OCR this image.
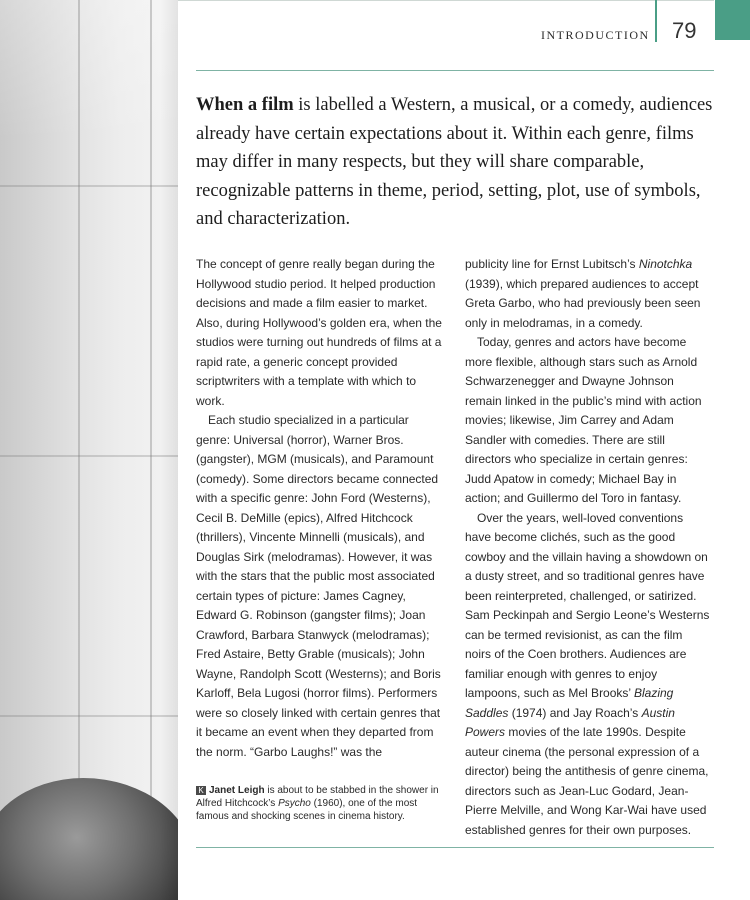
INTRODUCTION 79

When a film is labelled a Western, a musical, or a comedy, audiences already have certain expectations about it. Within each genre, films may differ in many respects, but they will share comparable, recognizable patterns in theme, period, setting, plot, use of symbols, and characterization.

The concept of genre really began during the Hollywood studio period. It helped production decisions and made a film easier to market. Also, during Hollywood’s golden era, when the studios were turning out hundreds of films at a rapid rate, a generic concept provided scriptwriters with a template with which to work.

Each studio specialized in a particular genre: Universal (horror), Warner Bros. (gangster), MGM (musicals), and Paramount (comedy). Some directors became connected with a specific genre: John Ford (Westerns), Cecil B. DeMille (epics), Alfred Hitchcock (thrillers), Vincente Minnelli (musicals), and Douglas Sirk (melodramas). However, it was with the stars that the public most associated certain types of picture: James Cagney, Edward G. Robinson (gangster films); Joan Crawford, Barbara Stanwyck (melodramas); Fred Astaire, Betty Grable (musicals); John Wayne, Randolph Scott (Westerns); and Boris Karloff, Bela Lugosi (horror films). Performers were so closely linked with certain genres that it became an event when they departed from the norm. “Garbo Laughs!” was the

K Janet Leigh is about to be stabbed in the shower in Alfred Hitchcock’s Psycho (1960), one of the most famous and shocking scenes in cinema history.

publicity line for Ernst Lubitsch’s Ninotchka (1939), which prepared audiences to accept Greta Garbo, who had previously been seen only in melodramas, in a comedy.

Today, genres and actors have become more flexible, although stars such as Arnold Schwarzenegger and Dwayne Johnson remain linked in the public’s mind with action movies; likewise, Jim Carrey and Adam Sandler with comedies. There are still directors who specialize in certain genres: Judd Apatow in comedy; Michael Bay in action; and Guillermo del Toro in fantasy.

Over the years, well-loved conventions have become clichés, such as the good cowboy and the villain having a showdown on a dusty street, and so traditional genres have been reinterpreted, challenged, or satirized. Sam Peckinpah and Sergio Leone’s Westerns can be termed revisionist, as can the film noirs of the Coen brothers. Audiences are familiar enough with genres to enjoy lampoons, such as Mel Brooks’ Blazing Saddles (1974) and Jay Roach’s Austin Powers movies of the late 1990s. Despite auteur cinema (the personal expression of a director) being the antithesis of genre cinema, directors such as Jean-Luc Godard, Jean-Pierre Melville, and Wong Kar-Wai have used established genres for their own purposes.
